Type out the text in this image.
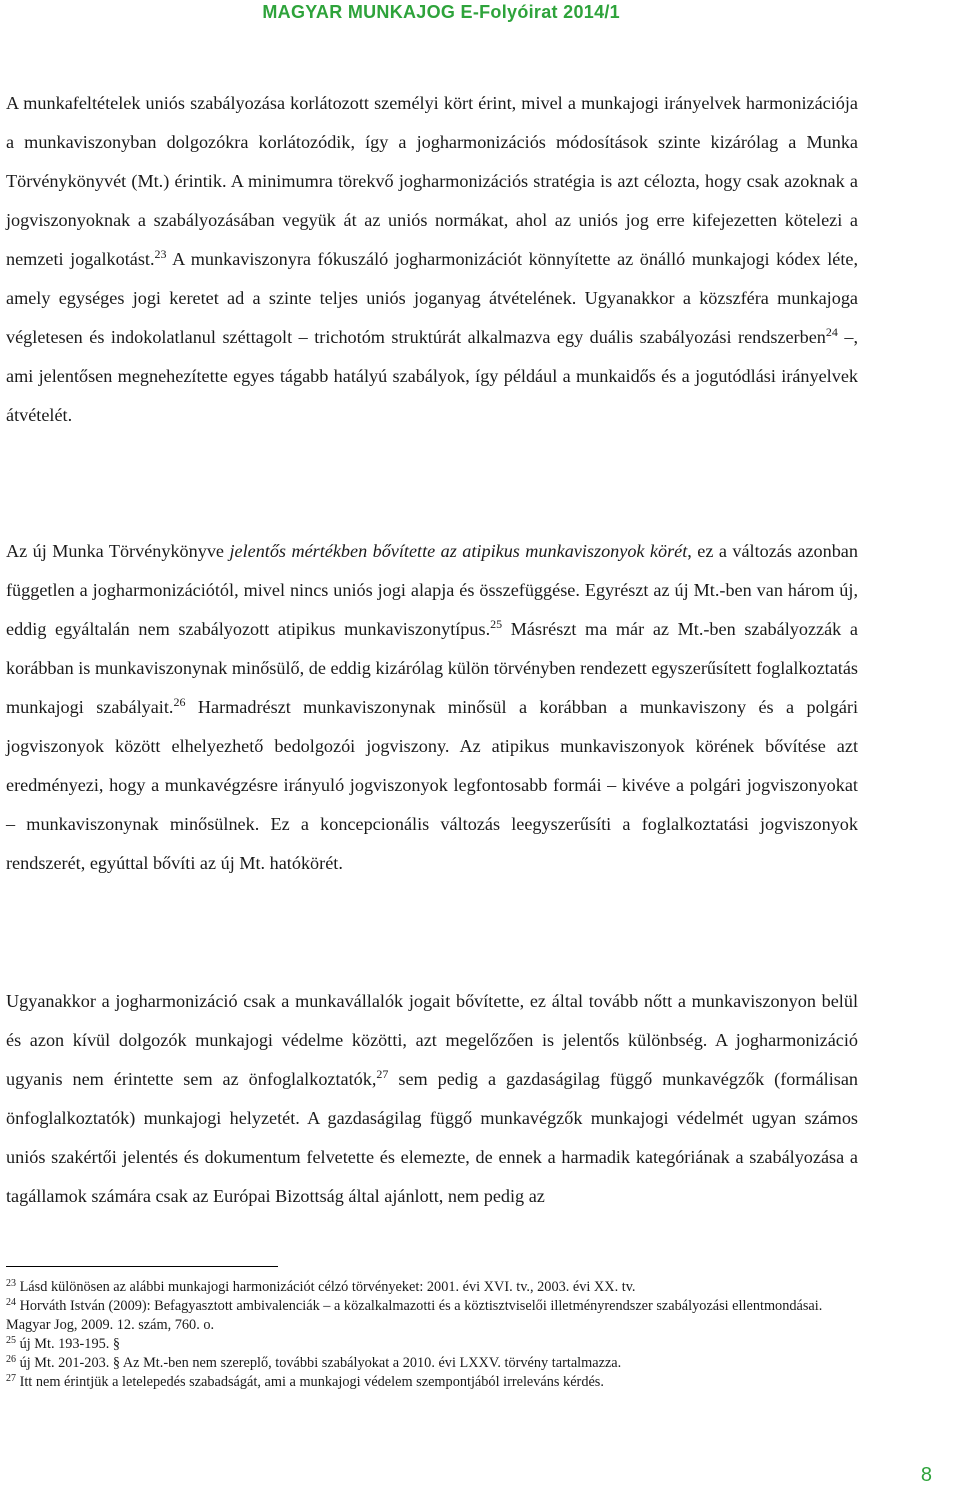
MAGYAR MUNKAJOG E-Folyóirat 2014/1

A munkafeltételek uniós szabályozása korlátozott személyi kört érint, mivel a munkajogi irányelvek harmonizációja a munkaviszonyban dolgozókra korlátozódik, így a jogharmonizációs módosítások szinte kizárólag a Munka Törvénykönyvét (Mt.) érintik. A minimumra törekvő jogharmonizációs stratégia is azt célozta, hogy csak azoknak a jogviszonyoknak a szabályozásában vegyük át az uniós normákat, ahol az uniós jog erre kifejezetten kötelezi a nemzeti jogalkotást.$^{23}$ A munkaviszonyra fókuszáló jogharmonizációt könnyítette az önálló munkajogi kódex léte, amely egységes jogi keretet ad a szinte teljes uniós joganyag átvételének. Ugyanakkor a közszféra munkajoga végletesen és indokolatlanul széttagolt – trichotóm struktúrát alkalmazva egy duális szabályozási rendszerben$^{24}$ –, ami jelentősen megnehezítette egyes tágabb hatályú szabályok, így például a munkaidős és a jogutódlási irányelvek átvételét.

Az új Munka Törvénykönyve jelentős mértékben bővítette az atipikus munkaviszonyok körét, ez a változás azonban független a jogharmonizációtól, mivel nincs uniós jogi alapja és összefüggése. Egyrészt az új Mt.-ben van három új, eddig egyáltalán nem szabályozott atipikus munkaviszonytípus.$^{25}$ Másrészt ma már az Mt.-ben szabályozzák a korábban is munkaviszonynak minősülő, de eddig kizárólag külön törvényben rendezett egyszerűsített foglalkoztatás munkajogi szabályait.$^{26}$ Harmadrészt munkaviszonynak minősül a korábban a munkaviszony és a polgári jogviszonyok között elhelyezhető bedolgozói jogviszony. Az atipikus munkaviszonyok körének bővítése azt eredményezi, hogy a munkavégzésre irányuló jogviszonyok legfontosabb formái – kivéve a polgári jogviszonyokat – munkaviszonynak minősülnek. Ez a koncepcionális változás leegyszerűsíti a foglalkoztatási jogviszonyok rendszerét, egyúttal bővíti az új Mt. hatókörét.

Ugyanakkor a jogharmonizáció csak a munkavállalók jogait bővítette, ez által tovább nőtt a munkaviszonyon belül és azon kívül dolgozók munkajogi védelme közötti, azt megelőzően is jelentős különbség. A jogharmonizáció ugyanis nem érintette sem az önfoglalkoztatók,$^{27}$ sem pedig a gazdaságilag függő munkavégzők (formálisan önfoglalkoztatók) munkajogi helyzetét. A gazdaságilag függő munkavégzők munkajogi védelmét ugyan számos uniós szakértői jelentés és dokumentum felvetette és elemezte, de ennek a harmadik kategóriának a szabályozása a tagállamok számára csak az Európai Bizottság által ajánlott, nem pedig az

$^{23}$ Lásd különösen az alábbi munkajogi harmonizációt célzó törvényeket: 2001. évi XVI. tv., 2003. évi XX. tv.

$^{24}$ Horváth István (2009): Befagyasztott ambivalenciák – a közalkalmazotti és a köztisztviselői illetményrendszer szabályozási ellentmondásai. Magyar Jog, 2009. 12. szám, 760. o.

$^{25}$ új Mt. 193-195. §

$^{26}$ új Mt. 201-203. § Az Mt.-ben nem szereplő, további szabályokat a 2010. évi LXXV. törvény tartalmazza.

$^{27}$ Itt nem érintjük a letelepedés szabadságát, ami a munkajogi védelem szempontjából irreleváns kérdés.

8
